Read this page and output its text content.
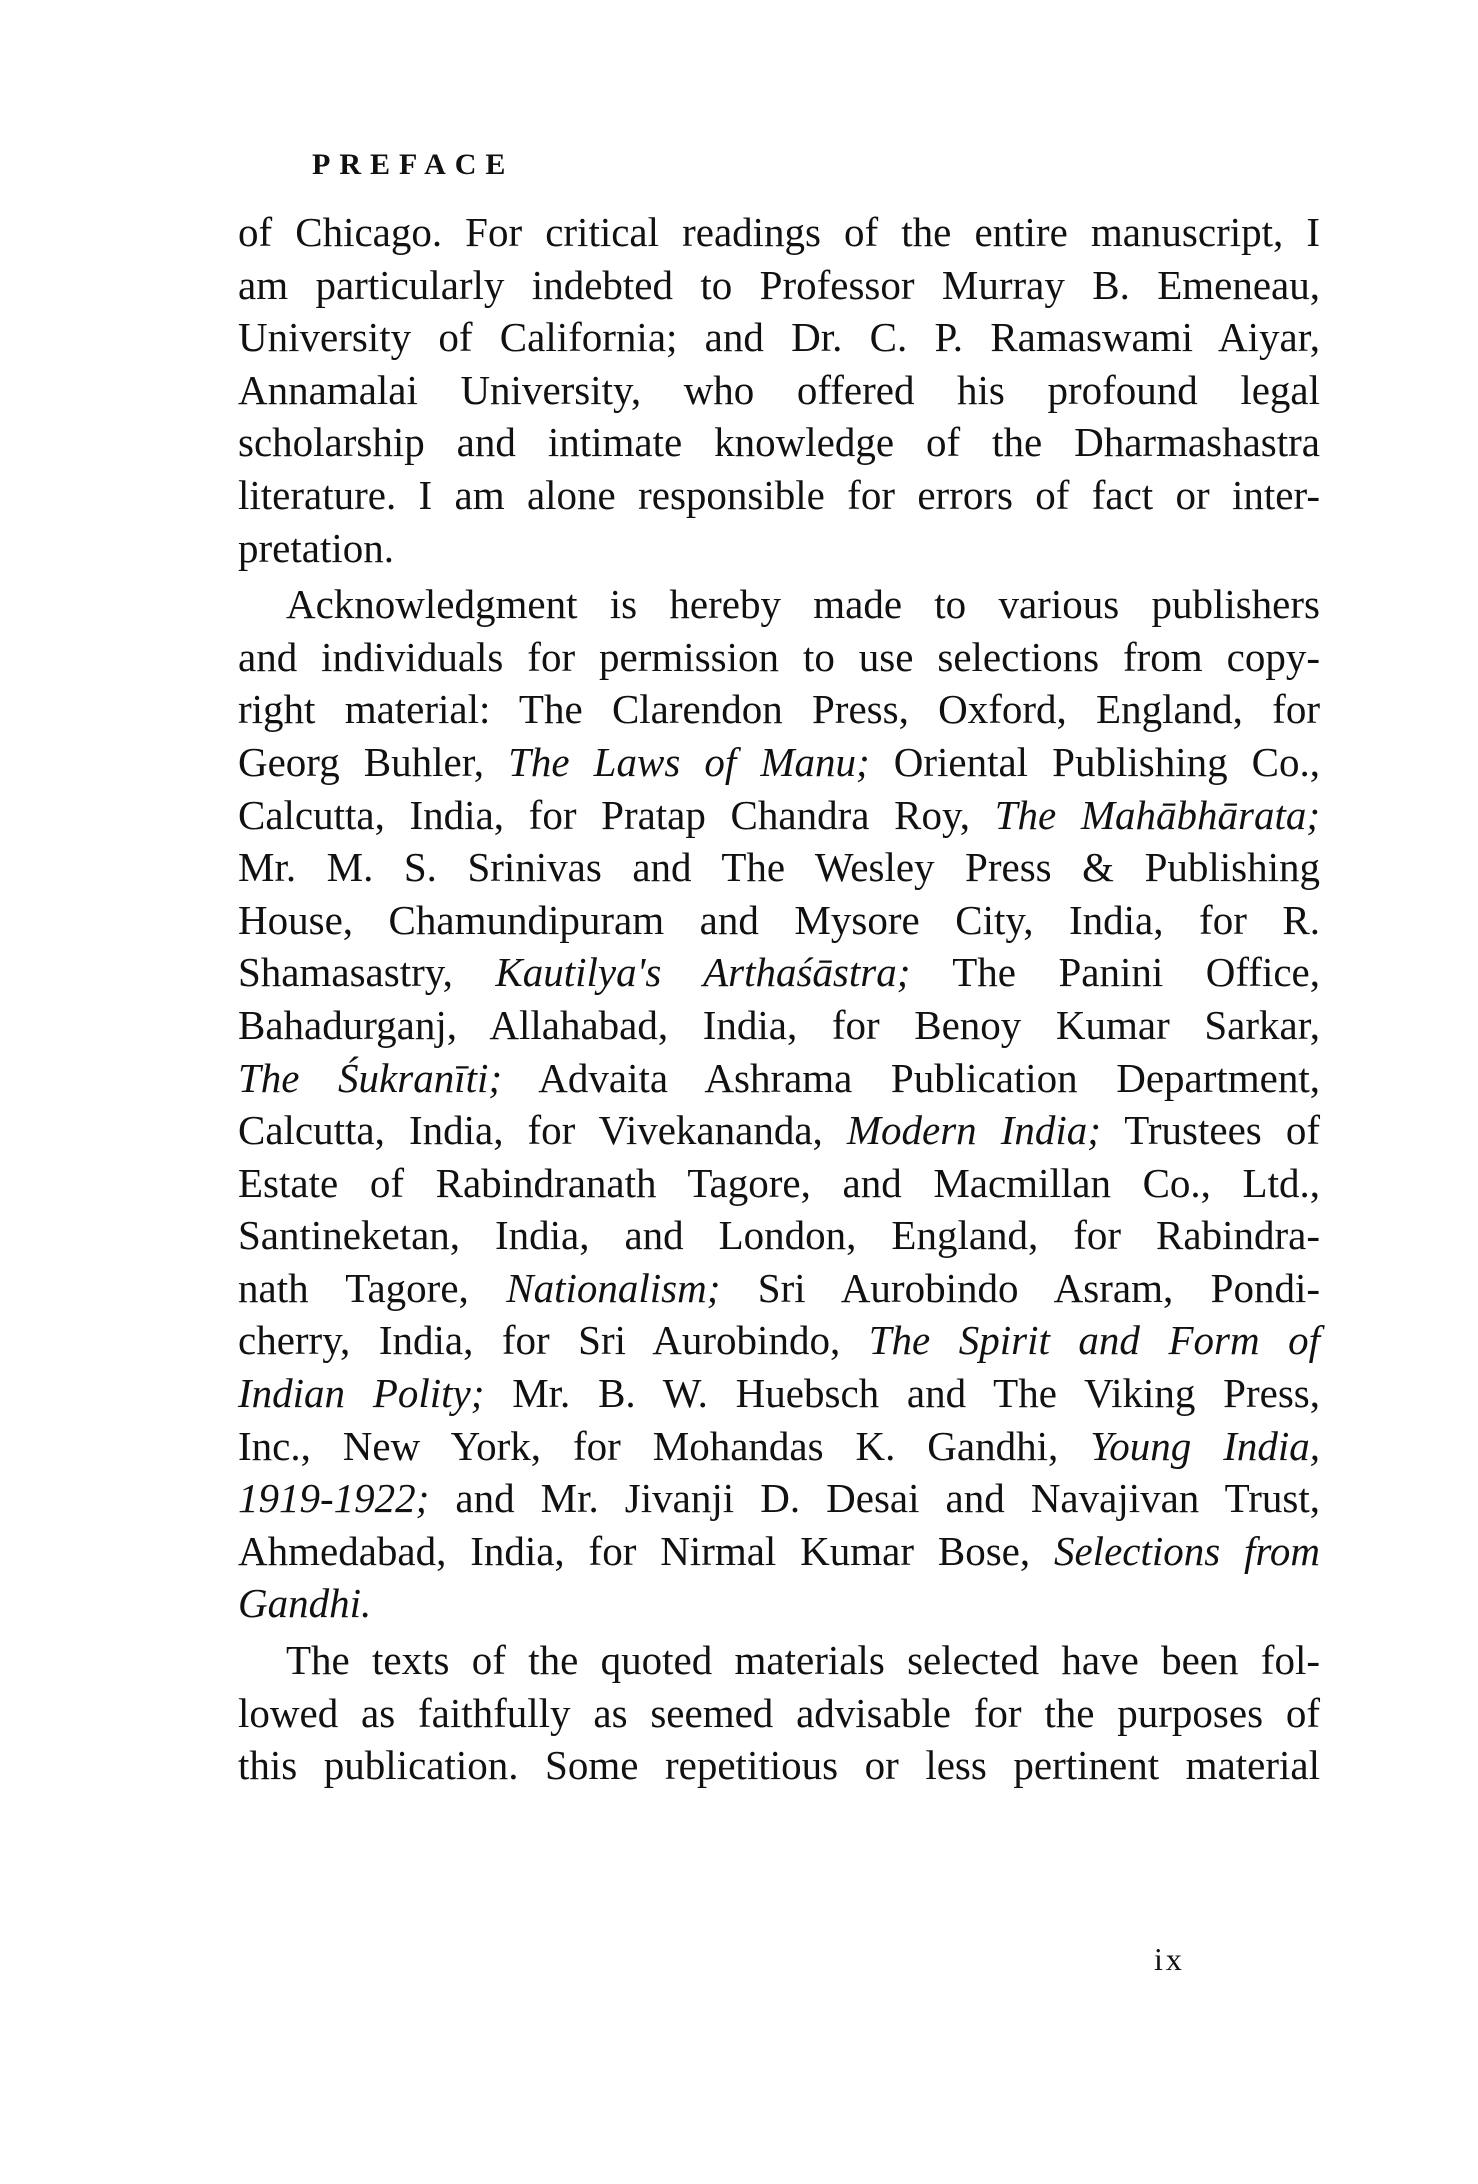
PREFACE
of Chicago. For critical readings of the entire manuscript, I
am particularly indebted to Professor Murray B. Emeneau,
University of California; and Dr. C. P. Ramaswami Aiyar,
Annamalai University, who offered his profound legal
scholarship and intimate knowledge of the Dharmashastra
literature. I am alone responsible for errors of fact or inter-
pretation.
Acknowledgment is hereby made to various publishers
and individuals for permission to use selections from copy-
right material: The Clarendon Press, Oxford, England, for
Georg Buhler, The Laws of Manu; Oriental Publishing Co.,
Calcutta, India, for Pratap Chandra Roy, The Mahābhārata;
Mr. M. S. Srinivas and The Wesley Press & Publishing
House, Chamundipuram and Mysore City, India, for R.
Shamasastry, Kautilya's Arthaśāstra; The Panini Office,
Bahadurganj, Allahabad, India, for Benoy Kumar Sarkar,
The Śukranīti; Advaita Ashrama Publication Department,
Calcutta, India, for Vivekananda, Modern India; Trustees of
Estate of Rabindranath Tagore, and Macmillan Co., Ltd.,
Santineketan, India, and London, England, for Rabindra-
nath Tagore, Nationalism; Sri Aurobindo Asram, Pondi-
cherry, India, for Sri Aurobindo, The Spirit and Form of
Indian Polity; Mr. B. W. Huebsch and The Viking Press,
Inc., New York, for Mohandas K. Gandhi, Young India,
1919-1922; and Mr. Jivanji D. Desai and Navajivan Trust,
Ahmedabad, India, for Nirmal Kumar Bose, Selections from
Gandhi.
The texts of the quoted materials selected have been fol-
lowed as faithfully as seemed advisable for the purposes of
this publication. Some repetitious or less pertinent material
ix
